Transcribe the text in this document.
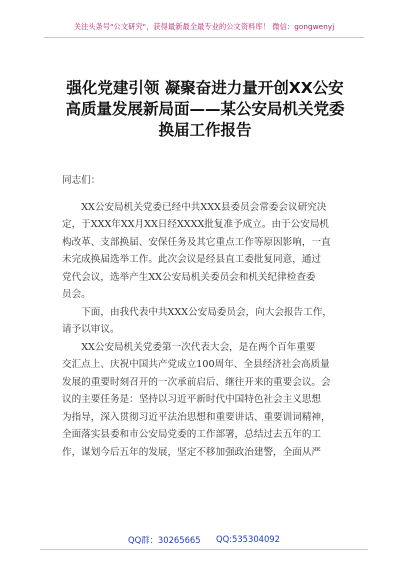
关注头条号"公文研究"，获得最新最全最专业的公文资料库！ 微信：gongwenyj
强化党建引领 凝聚奋进力量开创XX公安
高质量发展新局面——某公安局机关党委
换届工作报告
同志们：
XX公安局机关党委已经中共XXX县委员会常委会议研究决
定，于XXX年XX月XX日经XXXX批复准予成立。由于公安局机
构改革、支部换届、安保任务及其它重点工作等原因影响，一直
未完成换届选举工作。此次会议是经县直工委批复同意，通过
党代会议，选举产生XX公安局机关委员会和机关纪律检查委
员会。
下面，由我代表中共XXX公安局委员会，向大会报告工作，
请予以审议。
XX公安局机关党委第一次代表大会，是在两个百年重要
交汇点上、庆祝中国共产党成立100周年、全县经济社会高质量
发展的重要时刻召开的一次承前启后、继往开来的重要会议。会
议的主要任务是：坚持以习近平新时代中国特色社会主义思想
为指导，深入贯彻习近平法治思想和重要讲话、重要训词精神，
全面落实县委和市公安局党委的工作部署，总结过去五年的工
作，谋划今后五年的发展，坚定不移加强政治建警，全面从严
QQ群：30265665 QQ:535304092
